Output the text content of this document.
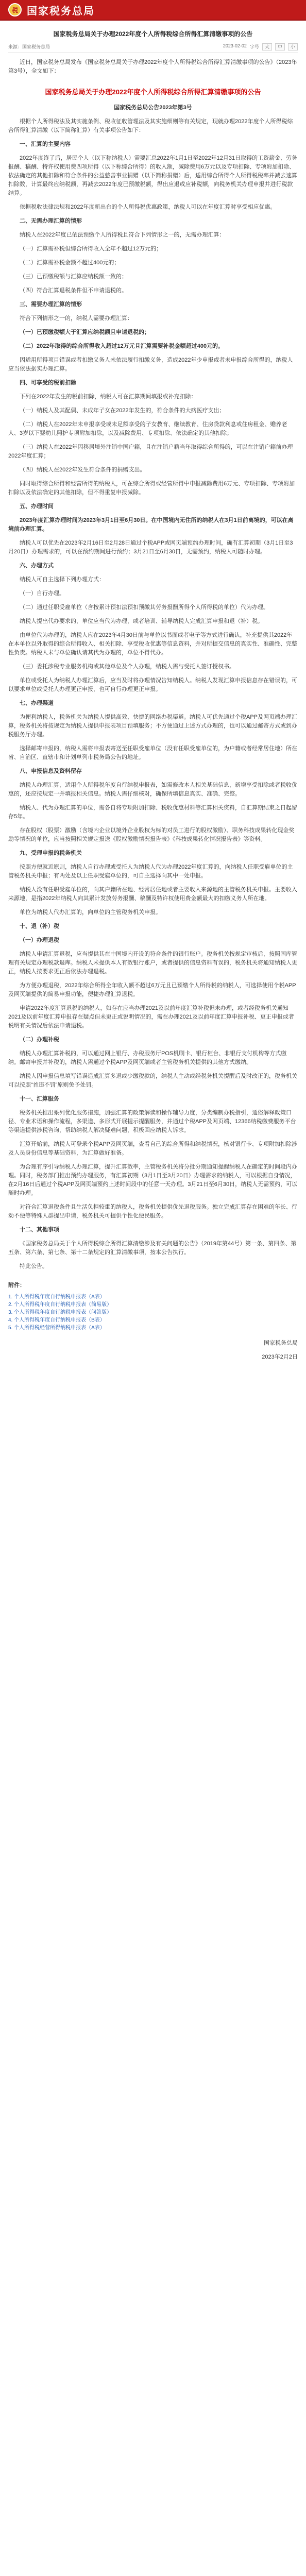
税 国家税务总局
国家税务总局关于办理2022年度个人所得税综合所得汇算清缴事项的公告
来源：国家税务总局	2023-02-02 字号	大	中	小

近日，国家税务总局发布《国家税务总局关于办理2022年度个人所得税综合所得汇算清缴事项的公告》（2023年第3号），全文如下：

国家税务总局关于办理2022年度个人所得税综合所得汇算清缴事项的公告

国家税务总局公告2023年第3号

根据个人所得税法及其实施条例、税收征收管理法及其实施细则等有关规定，现就办理2022年度个人所得税综合所得汇算清缴（以下简称汇算）有关事项公告如下：

一、汇算的主要内容

2022年度终了后，居民个人（以下称纳税人）需要汇总2022年1月1日至2022年12月31日取得的工资薪金、劳务报酬、稿酬、特许权使用费四项所得（以下称综合所得）的收入额，减除费用6万元以及专项扣除、专项附加扣除、依法确定的其他扣除和符合条件的公益慈善事业捐赠（以下简称捐赠）后，适用综合所得个人所得税税率并减去速算扣除数，计算最终应纳税额，再减去2022年度已预缴税额，得出应退或应补税额，向税务机关办理申报并进行税款结算。

依据税收法律法规和2022年度新出台的个人所得税优惠政策，纳税人可以在年度汇算时享受相应优惠。

二、无需办理汇算的情形

纳税人在2022年度已依法预缴个人所得税且符合下列情形之一的，无需办理汇算：

（一）汇算需补税但综合所得收入全年不超过12万元的；

（二）汇算需补税金额不超过400元的；

（三）已预缴税额与汇算应纳税额一致的；

（四）符合汇算退税条件但不申请退税的。

三、需要办理汇算的情形

符合下列情形之一的，纳税人需要办理汇算：

（一）已预缴税额大于汇算应纳税额且申请退税的；

（二）2022年取得的综合所得收入超过12万元且汇算需要补税金额超过400元的。

因适用所得项目错误或者扣缴义务人未依法履行扣缴义务，造成2022年少申报或者未申报综合所得的，纳税人应当依法据实办理汇算。

四、可享受的税前扣除

下列在2022年发生的税前扣除，纳税人可在汇算期间填报或补充扣除：

（一）纳税人及其配偶、未成年子女在2022年发生的，符合条件的大病医疗支出；

（二）纳税人在2022年未申报享受或未足额享受的子女教育、继续教育、住房贷款利息或住房租金、赡养老人、3岁以下婴幼儿照护专项附加扣除，以及减除费用、专项扣除、依法确定的其他扣除；

（三）纳税人在2022年因移居境外注销中国户籍，且在注销户籍当年取得综合所得的，可以在注销户籍前办理2022年度汇算；

（四）纳税人在2022年发生符合条件的捐赠支出。

同时取得综合所得和经营所得的纳税人，可在综合所得或经营所得中申报减除费用6万元、专项扣除、专项附加扣除以及依法确定的其他扣除，但不得重复申报减除。

五、办理时间

2023年度汇算办理时间为2023年3月1日至6月30日。在中国境内无住所的纳税人在3月1日前离境的，可以在离境前办理汇算。

纳税人可以优先在2023年2月16日至2月28日通过个税APP或网页端预约办理时间，确有汇算初期（3月1日至3月20日）办理需求的，可以在预约期间进行预约；3月21日至6月30日，无需预约，纳税人可随时办理。

六、办理方式

纳税人可自主选择下列办理方式：

（一）自行办理。

（二）通过任职受雇单位（含按累计预扣法预扣预缴其劳务报酬所得个人所得税的单位）代为办理。

纳税人提出代办要求的，单位应当代为办理，或者培训、辅导纳税人完成汇算申报和退（补）税。

由单位代为办理的，纳税人应在2023年4月30日前与单位以书面或者电子等方式进行确认，补充提供其2022年在本单位以外取得的综合所得收入、相关扣除、享受税收优惠等信息资料，并对所提交信息的真实性、准确性、完整性负责。纳税人未与单位确认请其代为办理的，单位不得代办。

（三）委托涉税专业服务机构或其他单位及个人办理，纳税人需与受托人签订授权书。

单位或受托人为纳税人办理汇算后，应当及时将办理情况告知纳税人。纳税人发现汇算申报信息存在错误的，可以要求单位或受托人办理更正申报，也可自行办理更正申报。

七、办理渠道

为便利纳税人，税务机关为纳税人提供高效、快捷的网络办税渠道。纳税人可优先通过个税APP及网页端办理汇算，税务机关将按规定为纳税人提供申报表项目预填服务；不方便通过上述方式办理的，也可以通过邮寄方式或到办税服务厅办理。

选择邮寄申报的，纳税人需将申报表寄送至任职受雇单位（没有任职受雇单位的，为户籍或者经常居住地）所在省、自治区、直辖市和计划单列市税务局公告的地址。

八、申报信息及资料留存

纳税人办理汇算，适用个人所得税年度自行纳税申报表，如需修改本人相关基础信息，新增享受扣除或者税收优惠的，还应按规定一并填报相关信息。纳税人需仔细核对，确保所填信息真实、准确、完整。

纳税人、代为办理汇算的单位，需各自将专项附加扣除、税收优惠材料等汇算相关资料，自汇算期结束之日起留存5年。

存在股权（股票）激励（含境内企业以境外企业股权为标的对员工进行的股权激励）、职务科技成果转化现金奖励等情况的单位，应当按照相关规定报送《股权激励情况报告表》《科技成果转化情况报告表》等资料。

九、受理申报的税务机关

按照方便就近原则，纳税人自行办理或受托人为纳税人代为办理2022年度汇算的，向纳税人任职受雇单位的主管税务机关申报；有两处及以上任职受雇单位的，可自主选择向其中一处申报。

纳税人没有任职受雇单位的，向其户籍所在地、经常居住地或者主要收入来源地的主管税务机关申报。主要收入来源地，是指2022年纳税人向其累计发放劳务报酬、稿酬及特许权使用费金额最大的扣缴义务人所在地。

单位为纳税人代办汇算的，向单位的主管税务机关申报。

十、退（补）税

（一）办理退税

纳税人申请汇算退税，应当提供其在中国境内开设的符合条件的银行账户。税务机关按规定审核后，按照国库管理有关规定办理税款退库。纳税人未提供本人有效银行账户，或者提供的信息资料有误的，税务机关将通知纳税人更正，纳税人按要求更正后依法办理退税。

为方便办理退税，2022年综合所得全年收入额不超过6万元且已预缴个人所得税的纳税人，可选择使用个税APP及网页端提供的简易申报功能，便捷办理汇算退税。

申请2022年度汇算退税的纳税人，如存在应当办理2021及以前年度汇算补税但未办理，或者经税务机关通知2021及以前年度汇算申报存在疑点但未更正或说明情况的，需在办理2021及以前年度汇算申报补税、更正申报或者说明有关情况后依法申请退税。

（二）办理补税

纳税人办理汇算补税的，可以通过网上银行、办税服务厅POS机刷卡、银行柜台、非银行支付机构等方式缴纳。邮寄申报并补税的，纳税人需通过个税APP及网页端或者主管税务机关提供的其他方式缴纳。

纳税人因申报信息填写错误造成汇算多退或少缴税款的，纳税人主动或经税务机关提醒后及时改正的，税务机关可以按照“首违不罚”原则免予处罚。

十一、汇算服务

税务机关推出系列优化服务措施，加强汇算的政策解读和操作辅导力度，分类编制办税指引，通俗解释政策口径、专业术语和操作流程，多渠道、多形式开展提示提醒服务，并通过个税APP及网页端、12366纳税缴费服务平台等渠道提供涉税咨询，帮助纳税人解决疑难问题，积极回应纳税人诉求。

汇算开始前，纳税人可登录个税APP及网页端，查看自己的综合所得和纳税情况，核对银行卡、专项附加扣除涉及人员身份信息等基础资料，为汇算做好准备。

为合理有序引导纳税人办理汇算，提升汇算效率，主管税务机关将分批分期通知提醒纳税人在确定的时间段内办理。同时，税务部门推出预约办理服务，有汇算初期（3月1日至3月20日）办理需求的纳税人，可以根据自身情况，在2月16日后通过个税APP及网页端预约上述时间段中的任意一天办理。3月21日至6月30日，纳税人无需预约，可以随时办理。

对符合汇算退税条件且生活负担较重的纳税人，税务机关提供优先退税服务。独立完成汇算存在困难的年长、行动不便等特殊人群提出申请，税务机关可提供个性化便民服务。

十二、其他事项

《国家税务总局关于个人所得税综合所得汇算清缴涉及有关问题的公告》（2019年第44号）第一条、第四条、第五条、第六条、第七条、第十二条规定的汇算清缴事项，按本公告执行。

特此公告。

附件：

1. 个人所得税年度自行纳税申报表（A表）
2. 个人所得税年度自行纳税申报表（简易版）
3. 个人所得税年度自行纳税申报表（问答版）
4. 个人所得税年度自行纳税申报表（B表）
5. 个人所得税经营所得纳税申报表（A表）

国家税务总局

2023年2月2日
